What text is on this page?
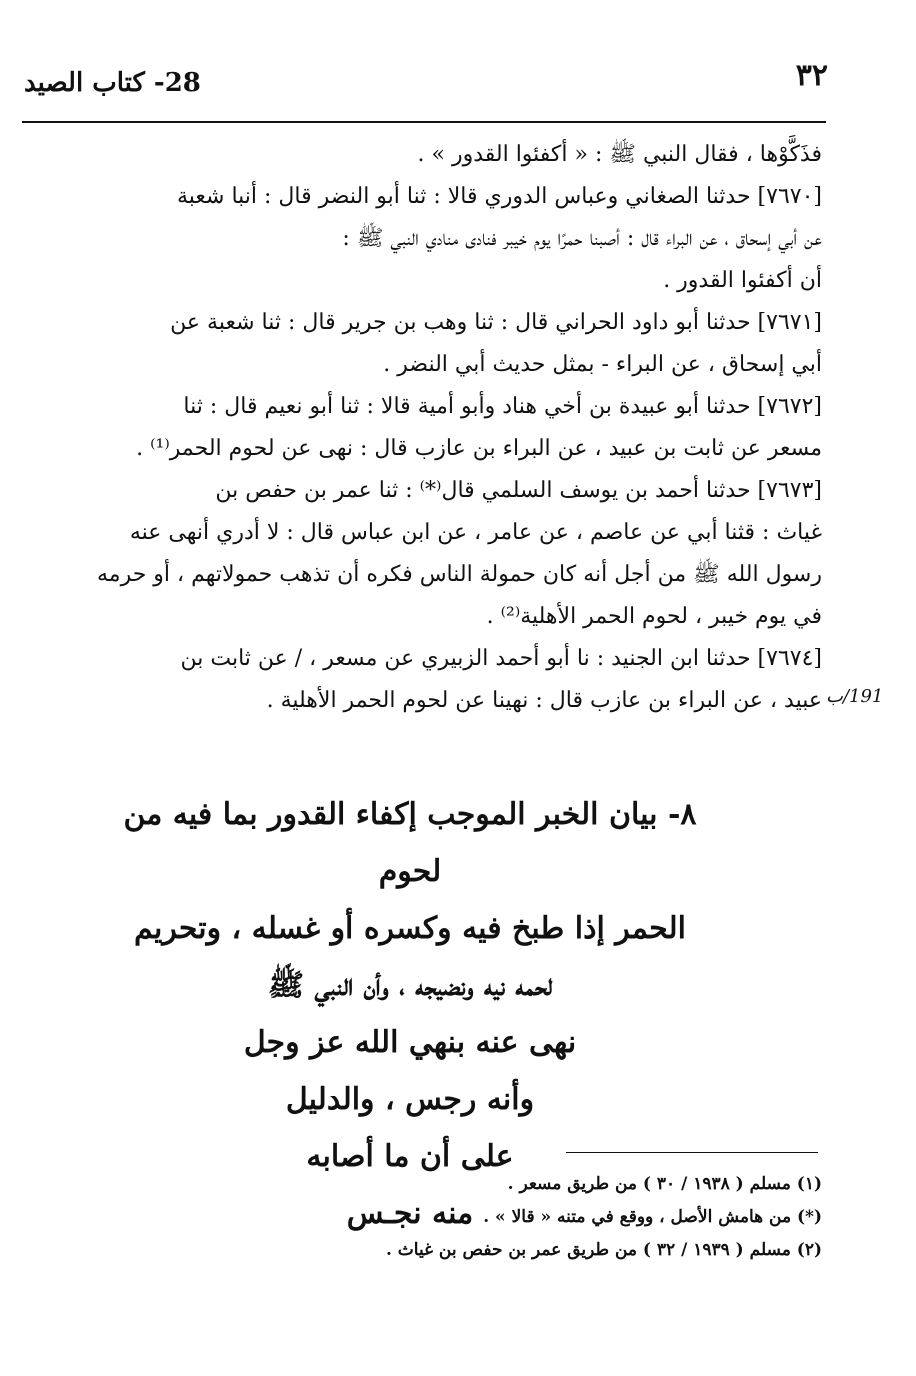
٣٢
28- كتاب الصيد
فذَكَّوْها ، فقال النبي ﷺ : « أكفئوا القدور » .
[٧٦٧٠] حدثنا الصغاني وعباس الدوري قالا : ثنا أبو النضر قال : أنبا شعبة
عن أبي إسحاق ، عن البراء قال : أصبنا حمرًا يوم خيبر فنادى منادي النبي ﷺ :
أن أكفئوا القدور .
[٧٦٧١] حدثنا أبو داود الحراني قال : ثنا وهب بن جرير قال : ثنا شعبة عن
أبي إسحاق ، عن البراء - بمثل حديث أبي النضر .
[٧٦٧٢] حدثنا أبو عبيدة بن أخي هناد وأبو أمية قالا : ثنا أبو نعيم قال : ثنا
مسعر عن ثابت بن عبيد ، عن البراء بن عازب قال : نهى عن لحوم الحمر⁽¹⁾ .
[٧٦٧٣] حدثنا أحمد بن يوسف السلمي قال⁽*⁾ : ثنا عمر بن حفص بن
غياث : قثنا أبي عن عاصم ، عن عامر ، عن ابن عباس قال : لا أدري أنهى عنه
رسول الله ﷺ من أجل أنه كان حمولة الناس فكره أن تذهب حمولاتهم ، أو حرمه
في يوم خيبر ، لحوم الحمر الأهلية⁽²⁾ .
[٧٦٧٤] حدثنا ابن الجنيد : نا أبو أحمد الزبيري عن مسعر ، / عن ثابت بن
عبيد ، عن البراء بن عازب قال : نهينا عن لحوم الحمر الأهلية . 191/ب
٨- بيان الخبر الموجب إكفاء القدور بما فيه من لحوم
الحمر إذا طبخ فيه وكسره أو غسله ، وتحريم
لحمه نيه ونضيجه ، وأن النبي ﷺ
نهى عنه بنهي الله عز وجل
وأنه رجس ، والدليل
على أن ما أصابه
منه نجـس

(١) مسلم ( ١٩٣٨ / ٣٠ ) من طريق مسعر .

(*) من هامش الأصل ، ووقع في متنه « قالا » .

(٢) مسلم ( ١٩٣٩ / ٣٢ ) من طريق عمر بن حفص بن غياث .
